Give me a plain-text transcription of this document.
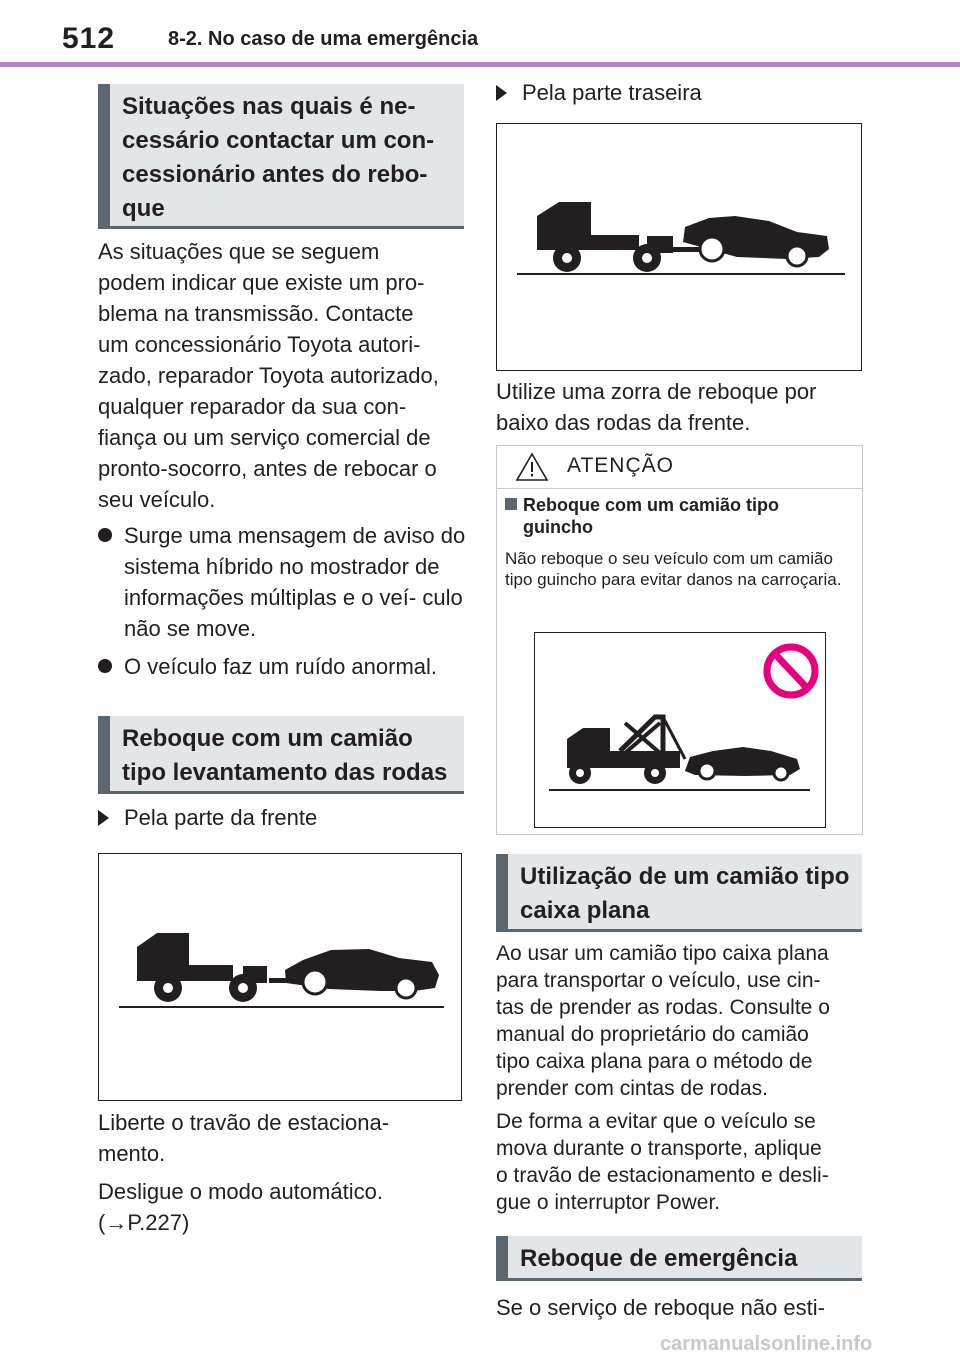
512	8-2. No caso de uma emergência
Situações nas quais é ne- cessário contactar um con- cessionário antes do rebo- que
As situações que se seguem
podem indicar que existe um pro-
blema na transmissão. Contacte
um concessionário Toyota autori-
zado, reparador Toyota autorizado,
qualquer reparador da sua con-
fiança ou um serviço comercial de
pronto-socorro, antes de rebocar o
seu veículo.
Surge uma mensagem de aviso do sistema híbrido no mostrador de informações múltiplas e o veí- culo não se move.
O veículo faz um ruído anormal.
Reboque com um camião tipo levantamento das rodas
Pela parte da frente
Liberte o travão de estaciona- mento.
Desligue o modo automático.
(→P.227)
Pela parte traseira
Utilize uma zorra de reboque por baixo das rodas da frente.
ATENÇÃO
Reboque com um camião tipo guincho
Não reboque o seu veículo com um camião tipo guincho para evitar danos na carroçaria.
Utilização de um camião tipo caixa plana
Ao usar um camião tipo caixa plana
para transportar o veículo, use cin-
tas de prender as rodas. Consulte o
manual do proprietário do camião
tipo caixa plana para o método de
prender com cintas de rodas.
De forma a evitar que o veículo se
mova durante o transporte, aplique
o travão de estacionamento e desli-
gue o interruptor Power.
Reboque de emergência
Se o serviço de reboque não esti-
carmanualsonline.info
